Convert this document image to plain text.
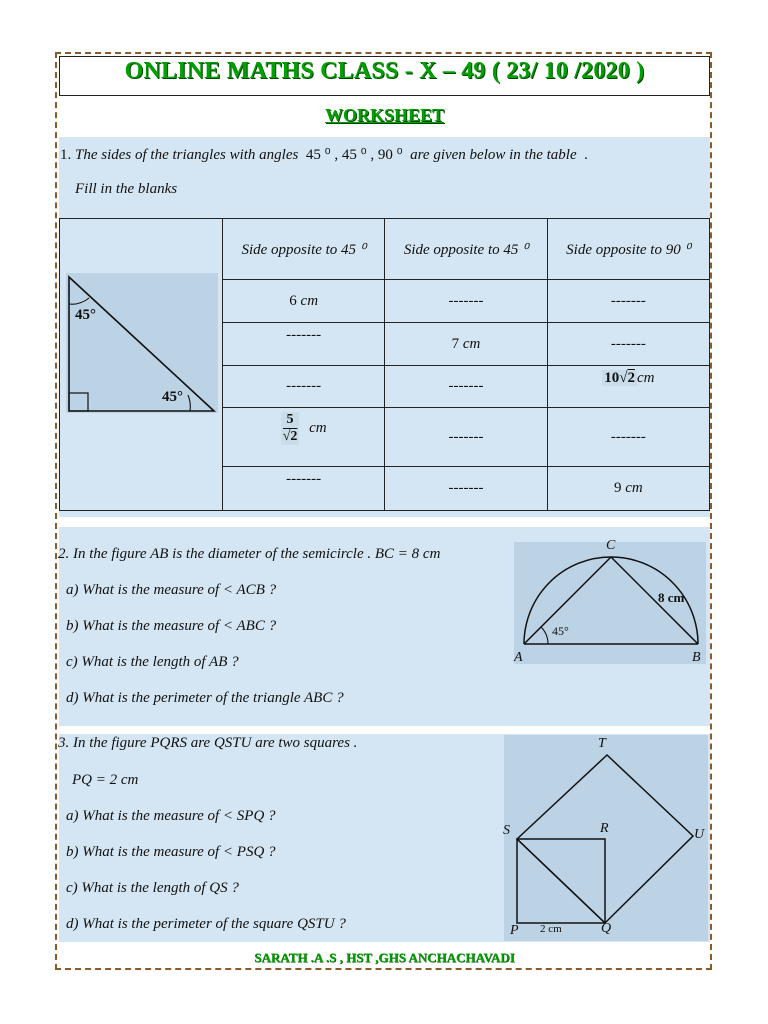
ONLINE MATHS CLASS - X – 49 ( 23/ 10 /2020 )
WORKSHEET
1. The sides of the triangles with angles 45 ⁰ , 45 ⁰ , 90 ⁰ are given below in the table .
Fill in the blanks
45°
45°	Side opposite to 45 ⁰	Side opposite to 45 ⁰	Side opposite to 90 ⁰
	6 cm	-------	-------
	-------	7 cm	-------
	-------	-------	10√2 cm

	$\frac{5}{√2}$ cm	-------	-------
	-------	-------	9 cm
2. In the figure AB is the diameter of the semicircle . BC = 8 cm
a) What is the measure of < ACB ?
b) What is the measure of < ABC ?
c) What is the length of AB ?
d) What is the perimeter of the triangle ABC ?
C
A	B
45°
8 cm
3. In the figure PQRS are QSTU are two squares .
PQ = 2 cm
a) What is the measure of < SPQ ?
b) What is the measure of < PSQ ?
c) What is the length of QS ?
d) What is the perimeter of the square QSTU ?
T
S	R	U
P	Q
2 cm
SARATH .A .S , HST ,GHS ANCHACHAVADI
